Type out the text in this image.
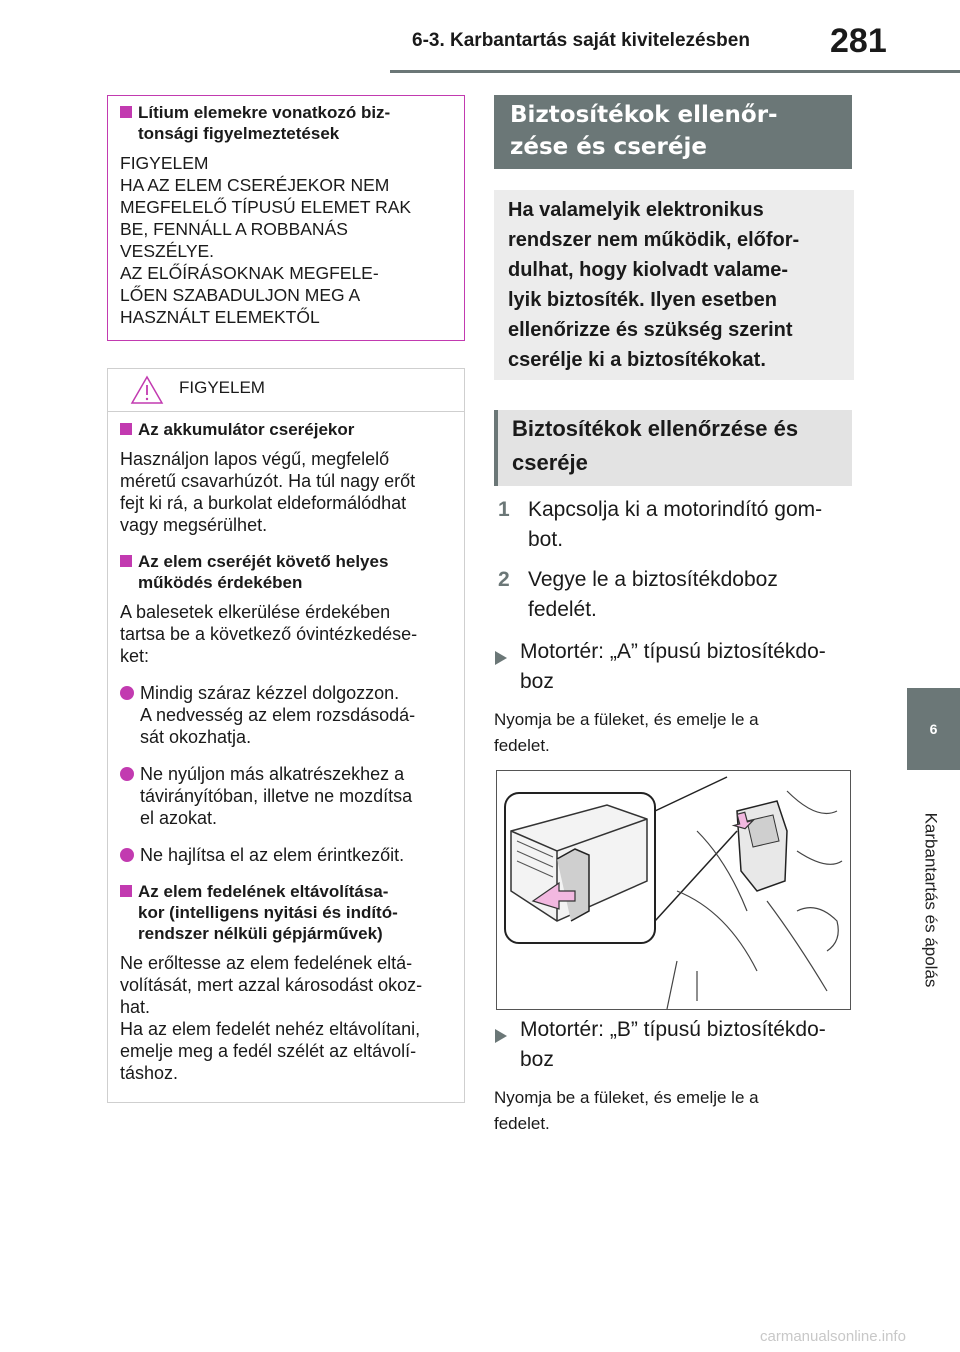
6-3. Karbantartás saját kivitelezésben 281
6
Karbantartás és ápolás
Lítium elemekre vonatkozó biz-
tonsági figyelmeztetések
FIGYELEM
HA AZ ELEM CSERÉJEKOR NEM
MEGFELELŐ TÍPUSÚ ELEMET RAK
BE, FENNÁLL A ROBBANÁS
VESZÉLYE.
AZ ELŐÍRÁSOKNAK MEGFELE-
LŐEN SZABADULJON MEG A
HASZNÁLT ELEMEKTŐL
FIGYELEM
Az akkumulátor cseréjekor
Használjon lapos végű, megfelelő
méretű csavarhúzót. Ha túl nagy erőt
fejt ki rá, a burkolat eldeformálódhat
vagy megsérülhet.
Az elem cseréjét követő helyes
működés érdekében
A balesetek elkerülése érdekében
tartsa be a következő óvintézkedése-
ket:
Mindig száraz kézzel dolgozzon.
A nedvesség az elem rozsdásodá-
sát okozhatja.
Ne nyúljon más alkatrészekhez a
távirányítóban, illetve ne mozdítsa
el azokat.
Ne hajlítsa el az elem érintkezőit.
Az elem fedelének eltávolítása-
kor (intelligens nyitási és indító-
rendszer nélküli gépjárművek)
Ne erőltesse az elem fedelének eltá-
volítását, mert azzal károsodást okoz-
hat.
Ha az elem fedelét nehéz eltávolítani,
emelje meg a fedél szélét az eltávolí-
táshoz.
Biztosítékok ellenőr-
zése és cseréje
Ha valamelyik elektronikus
rendszer nem működik, előfor-
dulhat, hogy kiolvadt valame-
lyik biztosíték. Ilyen esetben
ellenőrizze és szükség szerint
cserélje ki a biztosítékokat.
Biztosítékok ellenőrzése és
cseréje
1 Kapcsolja ki a motorindító gom-
bot.
2 Vegye le a biztosítékdoboz
fedelét.
Motortér: „A” típusú biztosítékdo-
boz
Nyomja be a füleket, és emelje le a
fedelet.
Motortér: „B” típusú biztosítékdo-
boz
Nyomja be a füleket, és emelje le a
fedelet.
carmanualsonline.info
